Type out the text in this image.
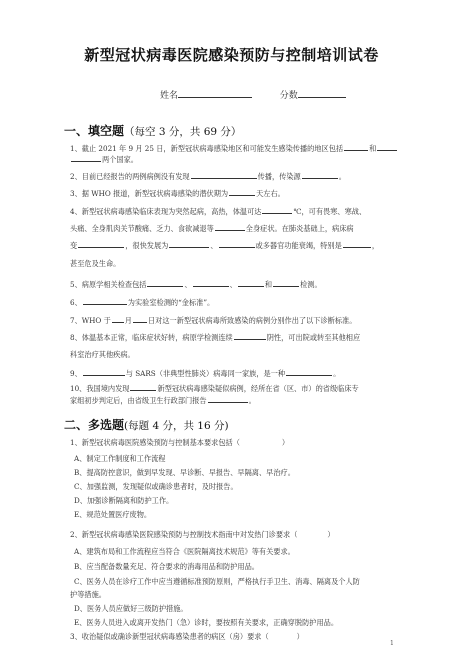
新型冠状病毒医院感染预防与控制培训试卷
姓名	分数
一、填空题（每空 3 分，共 69 分）
1、截止 2021 年 9 月 25 日，新型冠状病毒感染地区和可能发生感染传播的地区包括	和
两个国家。
2、目前已经报告的两例病例没有发现	传播，传染源	。
3、据 WHO 报道，新型冠状病毒感染的潜伏期为	天左右。
4、新型冠状病毒感染临床表现为突然起病，高热，体温可达	℃，可有畏寒、寒战、
头痛、全身肌肉关节酸痛、乏力、食欲减退等	全身症状。在肺炎基础上，病床病
变	，很快发展为	、	或多器官功能衰竭，特别是	，
甚至危及生命。
5、病原学相关检查包括	、	、	和	检测。
6、	为实验室检测的“金标准”。
7、WHO 于 月 日对这一新型冠状病毒所致感染的病例分别作出了以下诊断标准。
8、体温基本正常，临床症状好转，病原学检测连续	阴性，可出院或转至其他相应
科室治疗其他疾病。
9、	与 SARS（非典型性肺炎）病毒同一家族，是一种	。
10、我国境内发现	新型冠状病毒感染疑似病例，经所在省（区、市）的省级临床专
家组初步判定后，由省级卫生行政部门报告	。
二、多选题(每题 4 分，共 16 分)
1、新型冠状病毒医院感染预防与控制基本要求包括（	）
A、制定工作制度和工作流程
B、提高防控意识，做到早发现、早诊断、早报告、早隔离、早治疗。
C、加强监测，发现疑似或确诊患者时，及时报告。
D、加强诊断隔离和防护工作。
E、规范处置医疗废物。
2、新型冠状病毒感染医院感染预防与控制技术指南中对发热门诊要求（	）
A、建筑布局和工作流程应当符合《医院隔离技术规范》等有关要求。
B、应当配备数量充足、符合要求的消毒用品和防护用品。
C、医务人员在诊疗工作中应当遵循标准预防原则，严格执行手卫生、消毒、隔离及个人防
护等措施。
D、医务人员应做好三级防护措施。
E、医务人员进入或离开发热门（急）诊时，要按照有关要求，正确穿脱防护用品。
3、收治疑似或确诊新型冠状病毒感染患者的病区（房）要求（	）
1
